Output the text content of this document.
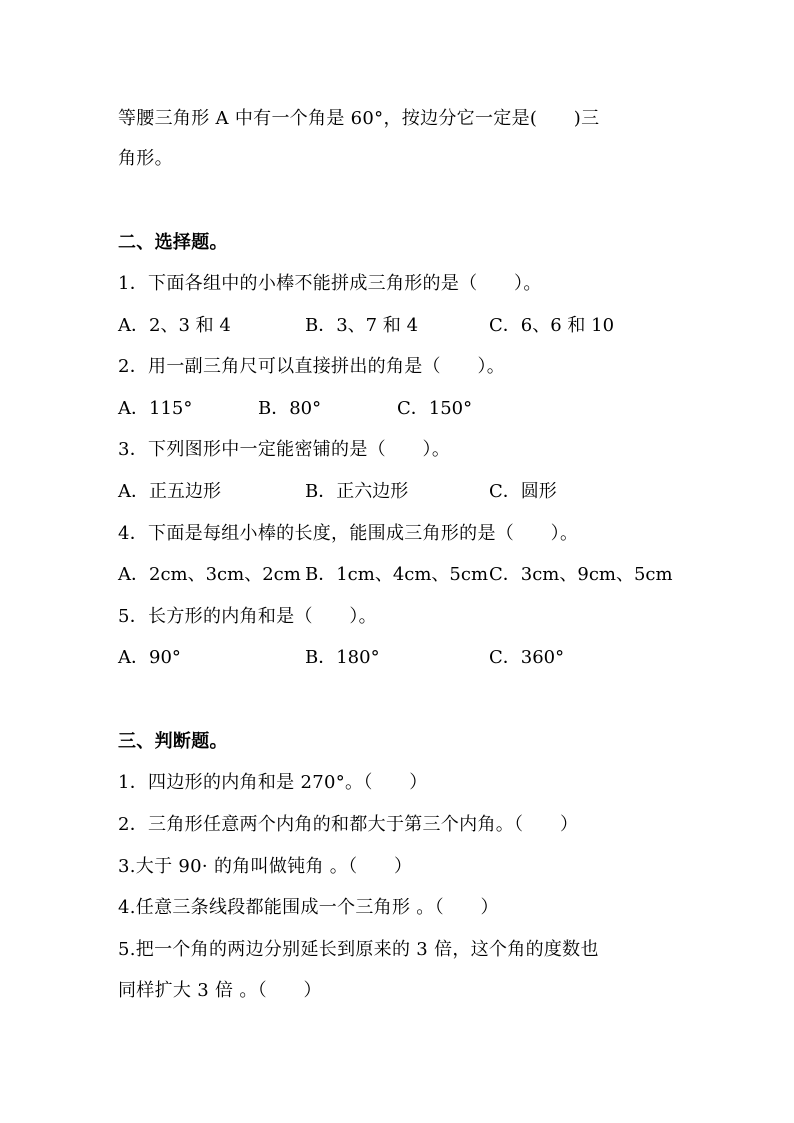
等腰三角形 A 中有一个角是 60°，按边分它一定是(　　)三
角形。
二、选择题。
1．下面各组中的小棒不能拼成三角形的是（　　）。
A．2、3 和 4	B．3、7 和 4	C．6、6 和 10
2．用一副三角尺可以直接拼出的角是（　　）。
A．115°	B．80°	C．150°
3．下列图形中一定能密铺的是（　　）。
A．正五边形	B．正六边形	C．圆形
4．下面是每组小棒的长度，能围成三角形的是（　　）。
A．2cm、3cm、2cm B．1cm、4cm、5cm C．3cm、9cm、5cm
5．长方形的内角和是（　　）。
A．90°	B．180°	C．360°
三、判断题。
1．四边形的内角和是 270°。（　　）
2．三角形任意两个内角的和都大于第三个内角。（　　）
3.大于 90· 的角叫做钝角 。（　　）
4.任意三条线段都能围成一个三角形 。（　　）
5.把一个角的两边分别延长到原来的 3 倍，这个角的度数也
同样扩大 3 倍 。（　　）
